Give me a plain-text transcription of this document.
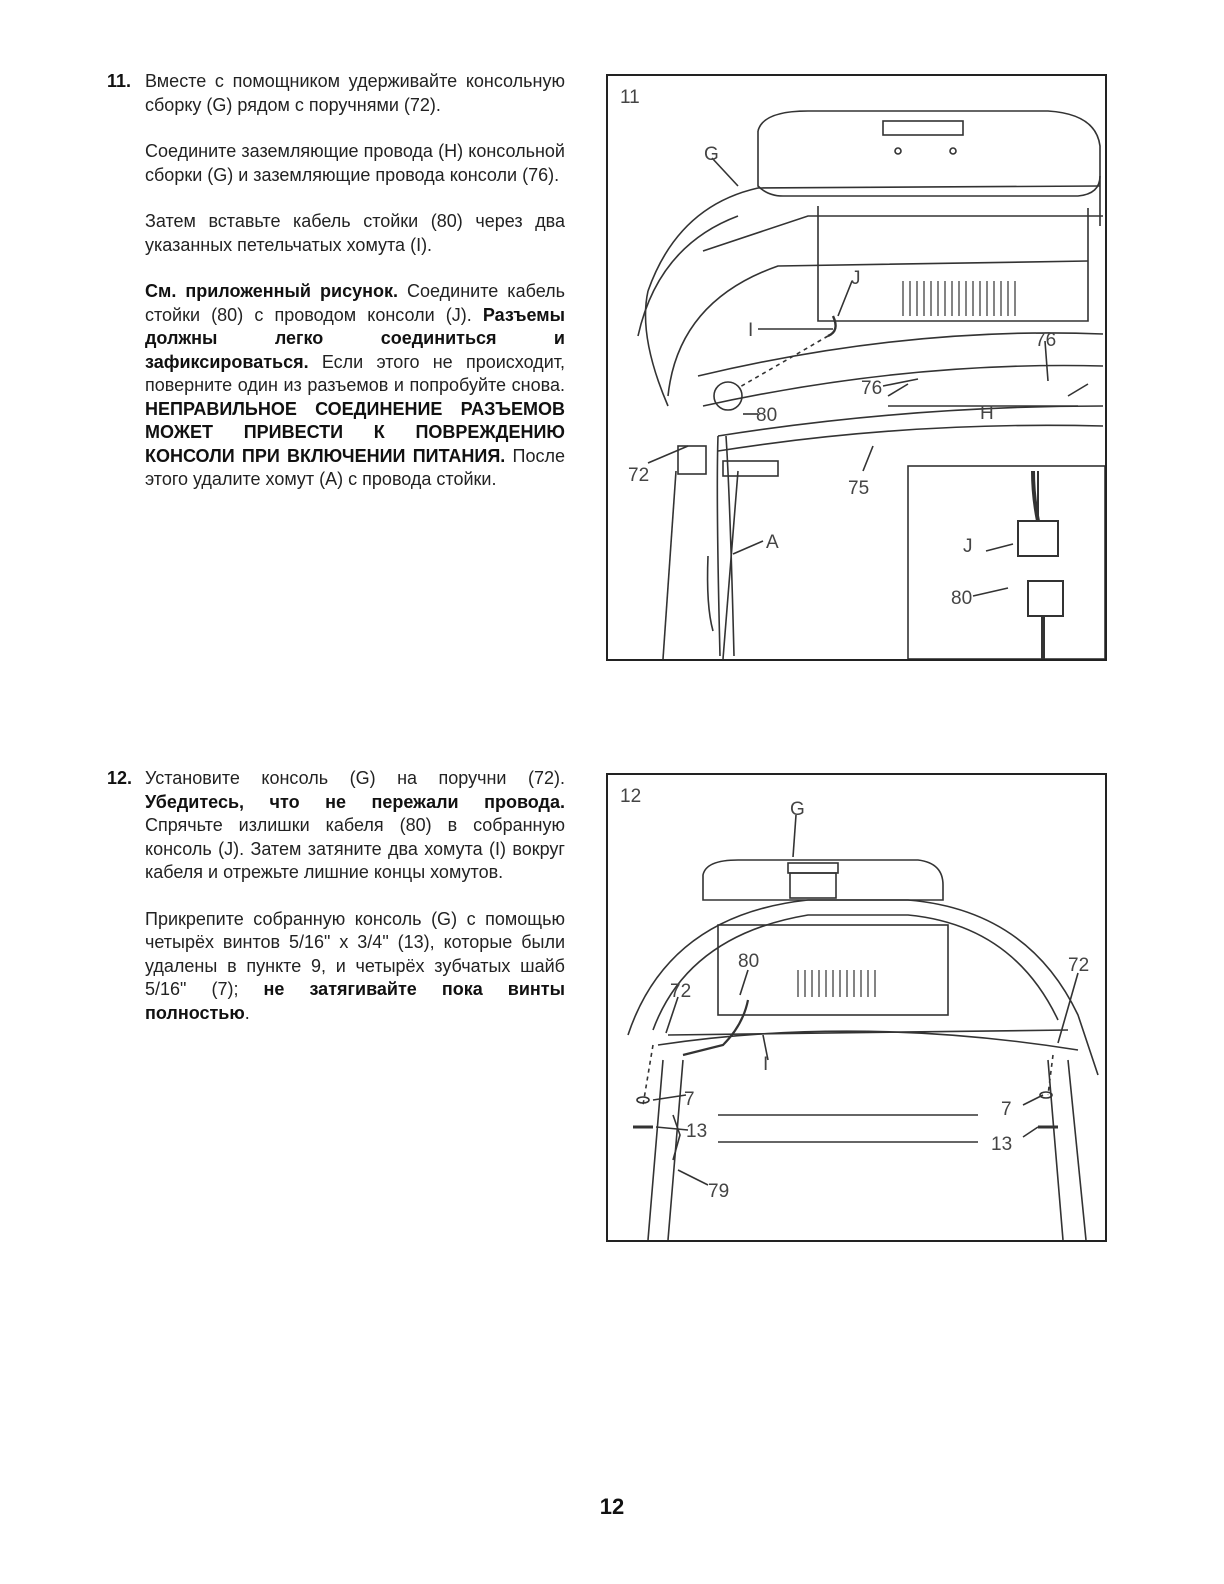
11. Вместе с помощником удерживайте консольную сборку (G) рядом с поручнями (72).

Соедините заземляющие провода (H) консольной сборки (G) и заземляющие провода консоли (76).

Затем вставьте кабель стойки (80) через два указанных петельчатых хомута (I).

См. приложенный рисунок. Соедините кабель стойки (80) с проводом консоли (J). Разъемы должны легко соединиться и зафиксироваться. Если этого не происходит, поверните один из разъемов и попробуйте снова. НЕПРАВИЛЬНОЕ СОЕДИНЕНИЕ РАЗЪЕМОВ МОЖЕТ ПРИВЕСТИ К ПОВРЕЖДЕНИЮ КОНСОЛИ ПРИ ВКЛЮЧЕНИИ ПИТАНИЯ. После этого удалите хомут (A) с провода стойки.

11
G
J
I	76
76
80	H
72
75
A	J
80
12. Установите консоль (G) на поручни (72). Убедитесь, что не пережали провода. Спрячьте излишки кабеля (80) в собранную консоль (J). Затем затяните два хомута (I) вокруг кабеля и отрежьте лишние концы хомутов.

Прикрепите собранную консоль (G) с помощью четырёх винтов 5/16" x 3/4" (13), которые были удалены в пункте 9, и четырёх зубчатых шайб 5/16" (7); не затягивайте пока винты полностью.

12
G
80	72
72
I
7	7
13
13
79
12
